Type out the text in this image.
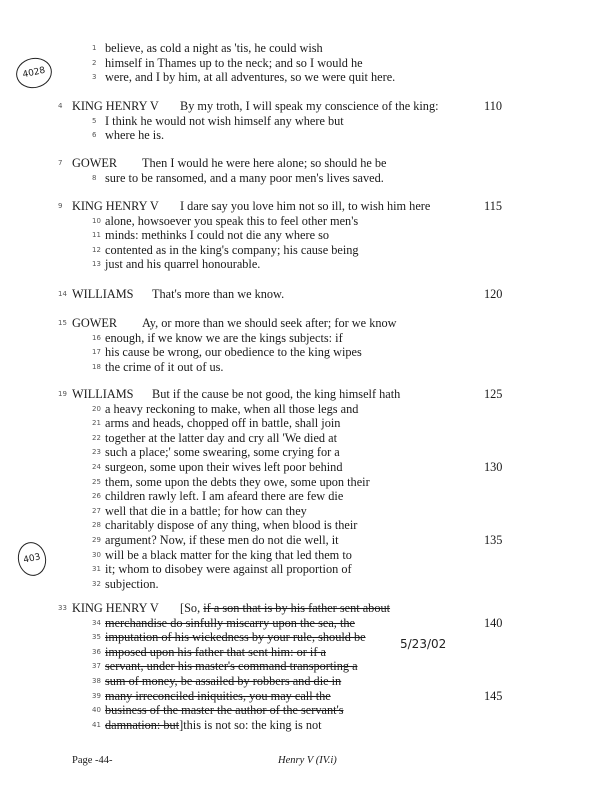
4028
403
5/23/02
1 believe, as cold a night as 'tis, he could wish
2 himself in Thames up to the neck; and so I would he
3 were, and I by him, at all adventures, so we were quit here.
KING HENRY V
4	By my troth, I will speak my conscience of the king:	110
5 I think he would not wish himself any where but
6 where he is.
GOWER
7	Then I would he were here alone; so should he be
8 sure to be ransomed, and a many poor men's lives saved.
KING HENRY V
9	I dare say you love him not so ill, to wish him here	115
10 alone, howsoever you speak this to feel other men's
11 minds: methinks I could not die any where so
12 contented as in the king's company; his cause being
13 just and his quarrel honourable.
WILLIAMS
14	That's more than we know.	120
GOWER
15	Ay, or more than we should seek after; for we know
16 enough, if we know we are the kings subjects: if
17 his cause be wrong, our obedience to the king wipes
18 the crime of it out of us.
WILLIAMS
19	But if the cause be not good, the king himself hath	125
20 a heavy reckoning to make, when all those legs and
21 arms and heads, chopped off in battle, shall join
22 together at the latter day and cry all 'We died at
23 such a place;' some swearing, some crying for a
24 surgeon, some upon their wives left poor behind	130
25 them, some upon the debts they owe, some upon their
26 children rawly left. I am afeard there are few die
27 well that die in a battle; for how can they
28 charitably dispose of any thing, when blood is their
29 argument? Now, if these men do not die well, it	135
30 will be a black matter for the king that led them to
31 it; whom to disobey were against all proportion of
32 subjection.
KING HENRY V
33	[So, if a son that is by his father sent about
34 merchandise do sinfully miscarry upon the sea, the	140
35 imputation of his wickedness by your rule, should be
36 imposed upon his father that sent him: or if a
37 servant, under his master's command transporting a
38 sum of money, be assailed by robbers and die in
39 many irreconciled iniquities, you may call the	145
40 business of the master the author of the servant's
41 damnation: but]this is not so: the king is not
Page -44-	Henry V (IV.i)
